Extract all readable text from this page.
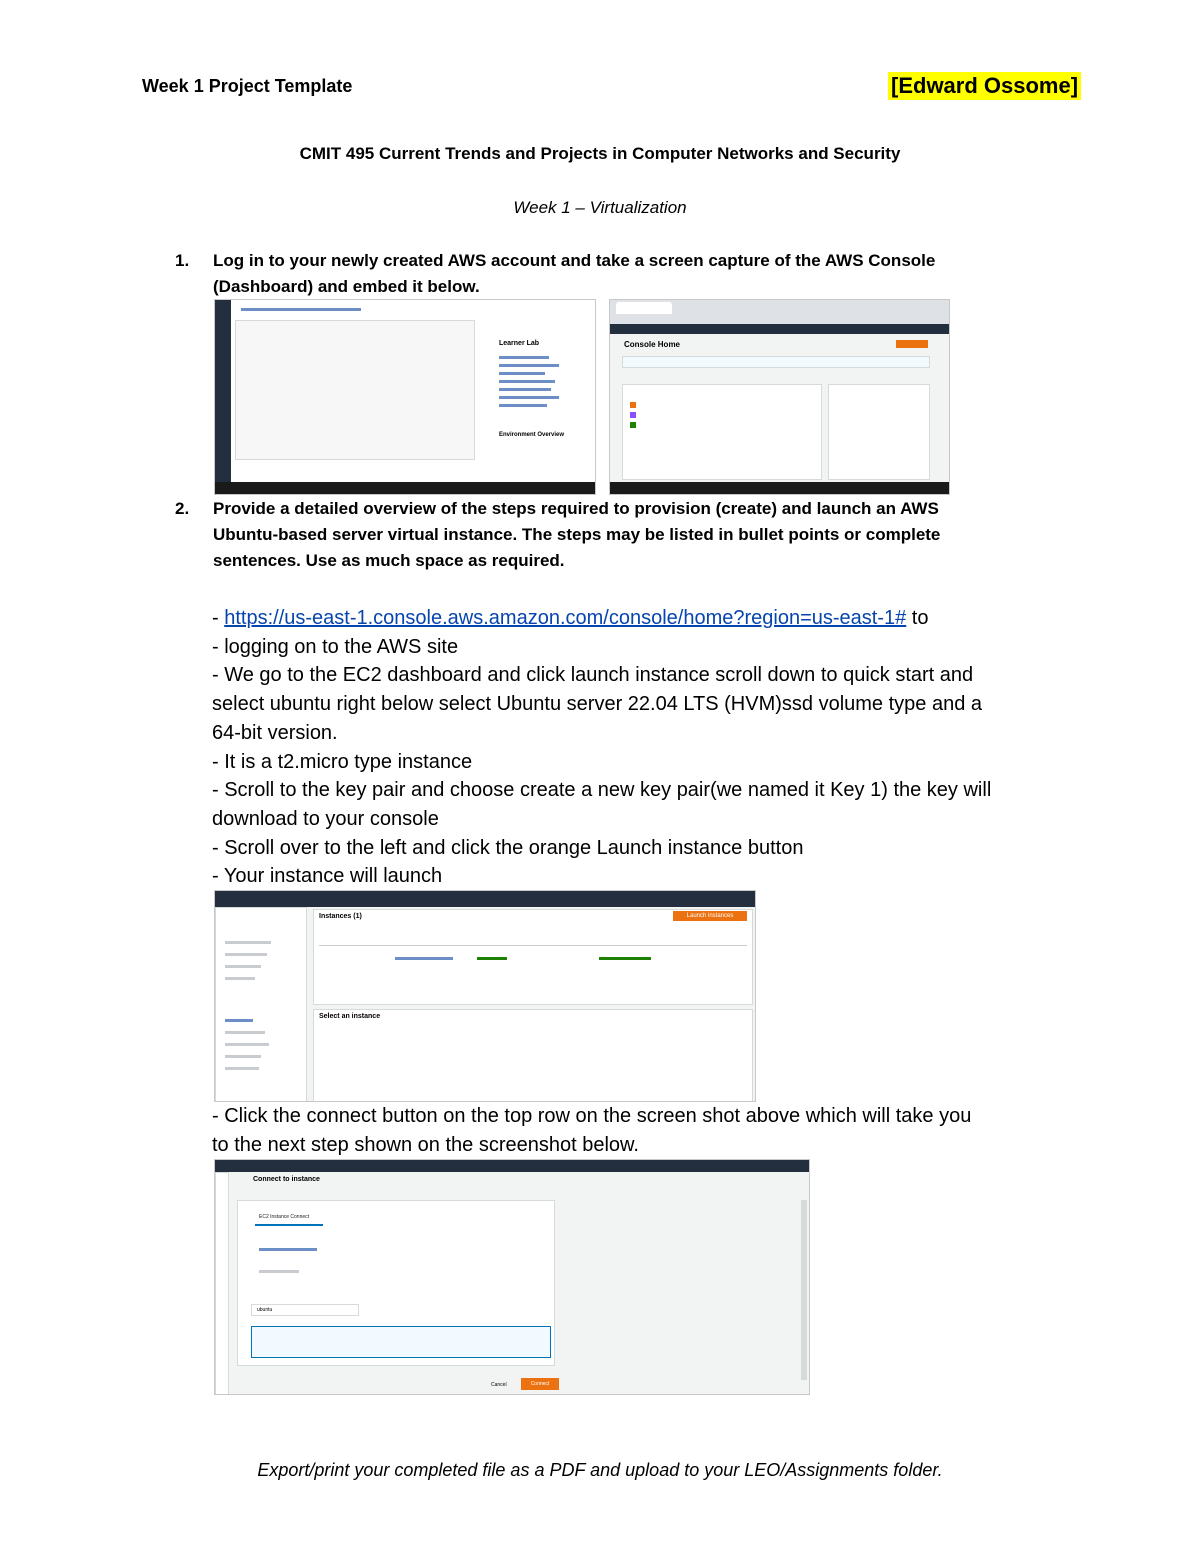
Week 1 Project Template	[Edward Ossome]
CMIT 495 Current Trends and Projects in Computer Networks and Security
Week 1 – Virtualization
1. Log in to your newly created AWS account and take a screen capture of the AWS Console
(Dashboard) and embed it below.
Learner Lab
Environment Overview
Console Home
2. Provide a detailed overview of the steps required to provision (create) and launch an AWS
Ubuntu-based server virtual instance. The steps may be listed in bullet points or complete
sentences. Use as much space as required.
- https://us-east-1.console.aws.amazon.com/console/home?region=us-east-1# to
- logging on to the AWS site
- We go to the EC2 dashboard and click launch instance scroll down to quick start and
select ubuntu right below select Ubuntu server 22.04 LTS (HVM)ssd volume type and a
64-bit version.
- It is a t2.micro type instance
- Scroll to the key pair and choose create a new key pair(we named it Key 1) the key will
download to your console
- Scroll over to the left and click the orange Launch instance button
- Your instance will launch
Instances (1)	Launch instances
Select an instance
- Click the connect button on the top row on the screen shot above which will take you
to the next step shown on the screenshot below.
Connect to instance
EC2 Instance Connect
ubuntu
Cancel	Connect
Export/print your completed file as a PDF and upload to your LEO/Assignments folder.
